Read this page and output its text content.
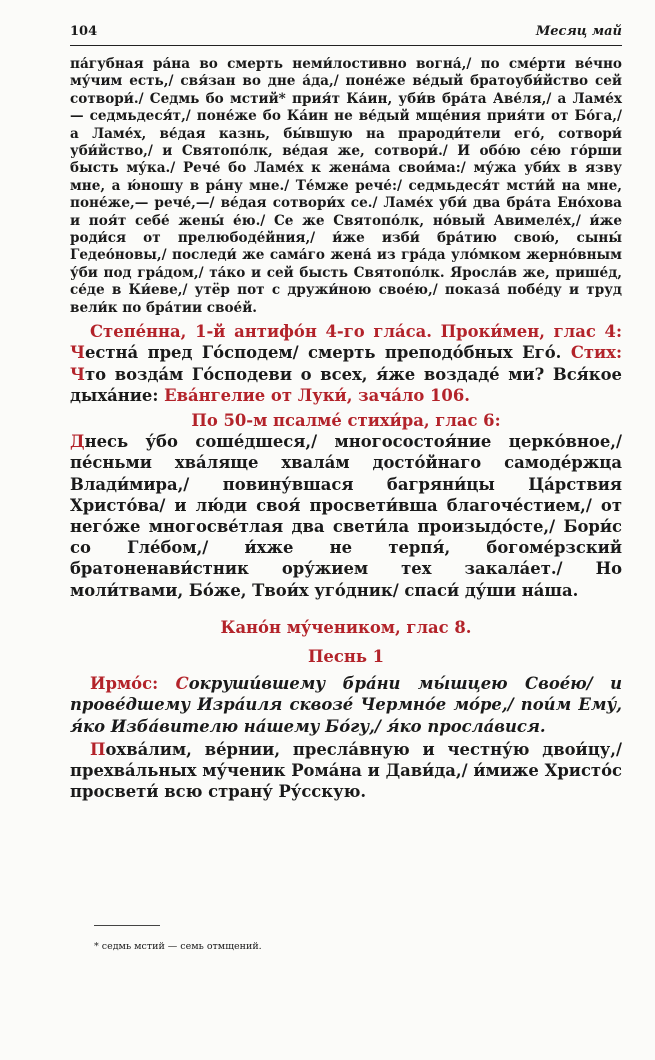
104	Месяц май

па́губная ра́на во смерть неми́лостивно вогна́,/ по сме́рти ве́чно му́чим есть,/ свя́зан во дне а́да,/ поне́же ве́дый братоуби́йство сей сотвори́./ Седмь бо мстий* прия́т Ка́ин, уби́в бра́та Аве́ля,/ а Ламе́х — седмьдеся́т,/ поне́же бо Ка́ин не ве́дый мще́ния прия́ти от Бо́га,/ а Ламе́х, ве́дая казнь, бы́вшую на прароди́тели его́, сотвори́ уби́йство,/ и Святопо́лк, ве́дая же, сотвори́./ И обо́ю се́ю го́рши бысть му́ка./ Рече́ бо Ламе́х к жена́ма свои́ма:/ му́жа уби́х в язву мне, а ю́ношу в ра́ну мне./ Те́мже рече́:/ седмьдеся́т мсти́й на мне, поне́же,— рече́,—/ ве́дая сотвори́х се./ Ламе́х уби́ два бра́та Ено́хова и поя́т себе́ жены́ е́ю./ Се же Святопо́лк, но́вый Авимеле́х,/ и́же роди́ся от прелюбоде́йния,/ и́же изби́ бра́тию свою́, сыны́ Гедео́новы,/ последи́ же сама́го жена́ из гра́да уло́мком жерно́вным у́би под гра́дом,/ та́ко и сей бысть Святопо́лк. Яросла́в же, прише́д, се́де в Ки́еве,/ утёр пот с дружи́ною свое́ю,/ показа́ побе́ду и труд вели́к по бра́тии свое́й.

Степе́нна, 1-й антифо́н 4-го гла́са. Проки́мен, глас 4: Честна́ пред Го́сподем/ смерть преподо́бных Его́. Стих: Что возда́м Го́сподеви о всех, я́же воздаде́ ми? Вся́кое дыха́ние: Ева́нгелие от Луки́, зача́ло 106.

По 50-м псалме́ стихи́ра, глас 6:

Днесь у́бо соше́дшеся,/ многосостоя́ние церко́вное,/ пе́сньми хва́ляще хвала́м досто́йнаго самоде́ржца Влади́мира,/ повину́вшася багряни́цы Ца́рствия Христо́ва/ и лю́ди своя́ просвети́вша благоче́стием,/ от него́же многосве́тлая два свети́ла произыдо́сте,/ Бори́с со Гле́бом,/ и́хже не терпя́, богоме́рзский братоненави́стник ору́жием тех закала́ет./ Но моли́твами, Бо́же, Твои́х уго́дник/ спаси́ ду́ши на́ша.

Кано́н му́чеником, глас 8.

Песнь 1

Ирмо́с: Сокруши́вшему бра́ни мы́шцею Свое́ю/ и прове́дшему Изра́иля сквозе́ Чермно́е мо́ре,/ пои́м Ему́, я́ко Изба́вителю на́шему Бо́гу,/ я́ко просла́вися.

Похва́лим, ве́рнии, пресла́вную и честну́ю двои́цу,/ прехва́льных му́ченик Рома́на и Дави́да,/ и́миже Христо́с просвети́ всю страну́ Ру́сскую.

* седмь мстий — семь отмщений.
